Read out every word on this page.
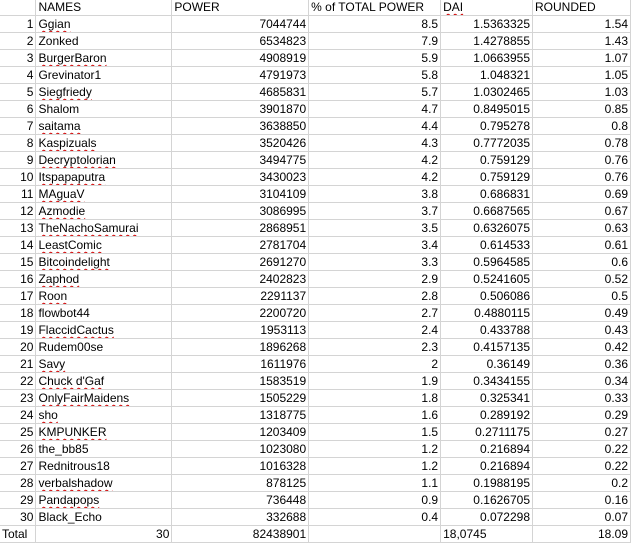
	NAMES	POWER	% of TOTAL POWER	DAI	ROUNDED
1	Ggian	7044744	8.5	1.5363325	1.54
2	Zonked	6534823	7.9	1.4278855	1.43
3	BurgerBaron	4908919	5.9	1.0663955	1.07
4	Grevinator1	4791973	5.8	1.048321	1.05
5	Siegfriedy	4685831	5.7	1.0302465	1.03
6	Shalom	3901870	4.7	0.8495015	0.85
7	saitama	3638850	4.4	0.795278	0.8
8	Kaspizuals	3520426	4.3	0.7772035	0.78
9	Decryptolorian	3494775	4.2	0.759129	0.76
10	Itspapaputra	3430023	4.2	0.759129	0.76
11	MAguaV	3104109	3.8	0.686831	0.69
12	Azmodie	3086995	3.7	0.6687565	0.67
13	TheNachoSamurai	2868951	3.5	0.6326075	0.63
14	LeastComic	2781704	3.4	0.614533	0.61
15	Bitcoindelight	2691270	3.3	0.5964585	0.6
16	Zaphod	2402823	2.9	0.5241605	0.52
17	Roon	2291137	2.8	0.506086	0.5
18	flowbot44	2200720	2.7	0.4880115	0.49
19	FlaccidCactus	1953113	2.4	0.433788	0.43
20	Rudem00se	1896268	2.3	0.4157135	0.42
21	Savy	1611976	2	0.36149	0.36
22	Chuck d'Gaf	1583519	1.9	0.3434155	0.34
23	OnlyFairMaidens	1505229	1.8	0.325341	0.33
24	sho	1318775	1.6	0.289192	0.29
25	KMPUNKER	1203409	1.5	0.2711175	0.27
26	the_bb85	1023080	1.2	0.216894	0.22
27	Rednitrous18	1016328	1.2	0.216894	0.22
28	verbalshadow	878125	1.1	0.1988195	0.2
29	Pandapops	736448	0.9	0.1626705	0.16
30	Black_Echo	332688	0.4	0.072298	0.07
Total	30	82438901		18,0745	18.09
